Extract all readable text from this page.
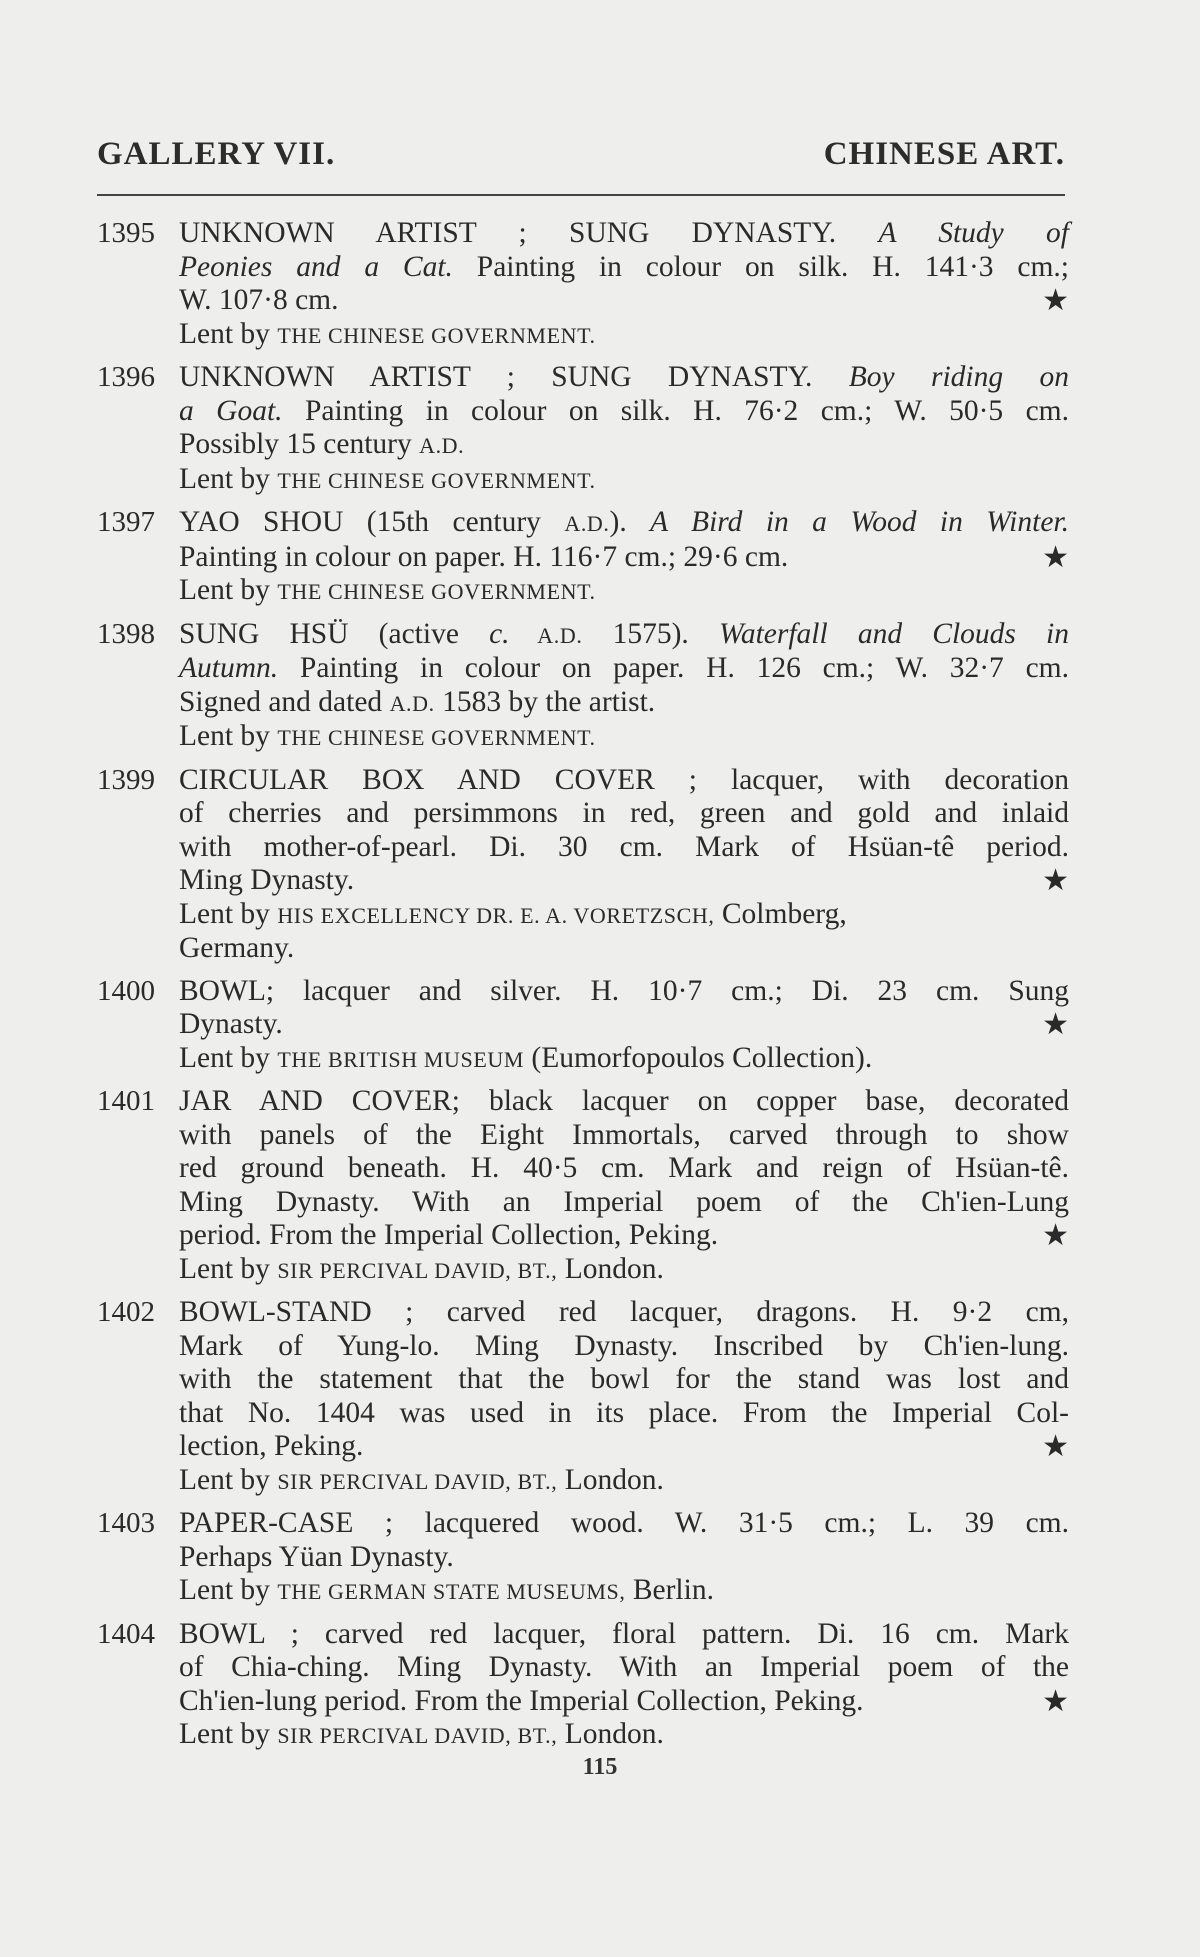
GALLERY VII.	CHINESE ART.
1395 UNKNOWN ARTIST ; SUNG DYNASTY. A Study of
Peonies and a Cat. Painting in colour on silk. H. 141·3 cm.;
W. 107·8 cm.	★
Lent by THE CHINESE GOVERNMENT.
1396 UNKNOWN ARTIST ; SUNG DYNASTY. Boy riding on
a Goat. Painting in colour on silk. H. 76·2 cm.; W. 50·5 cm.
Possibly 15 century A.D.
Lent by THE CHINESE GOVERNMENT.
1397 YAO SHOU (15th century A.D.). A Bird in a Wood in Winter.
Painting in colour on paper. H. 116·7 cm.; 29·6 cm.	★
Lent by THE CHINESE GOVERNMENT.
1398 SUNG HSÜ (active c. A.D. 1575). Waterfall and Clouds in
Autumn. Painting in colour on paper. H. 126 cm.; W. 32·7 cm.
Signed and dated A.D. 1583 by the artist.
Lent by THE CHINESE GOVERNMENT.
1399 CIRCULAR BOX AND COVER ; lacquer, with decoration
of cherries and persimmons in red, green and gold and inlaid
with mother-of-pearl. Di. 30 cm. Mark of Hsüan-tê period.
Ming Dynasty.	★
Lent by HIS EXCELLENCY DR. E. A. VORETZSCH, Colmberg,
Germany.
1400 BOWL; lacquer and silver. H. 10·7 cm.; Di. 23 cm. Sung
Dynasty.	★
Lent by THE BRITISH MUSEUM (Eumorfopoulos Collection).
1401 JAR AND COVER; black lacquer on copper base, decorated
with panels of the Eight Immortals, carved through to show
red ground beneath. H. 40·5 cm. Mark and reign of Hsüan-tê.
Ming Dynasty. With an Imperial poem of the Ch'ien-Lung
period. From the Imperial Collection, Peking.	★
Lent by SIR PERCIVAL DAVID, BT., London.
1402 BOWL-STAND ; carved red lacquer, dragons. H. 9·2 cm,
Mark of Yung-lo. Ming Dynasty. Inscribed by Ch'ien-lung.
with the statement that the bowl for the stand was lost and
that No. 1404 was used in its place. From the Imperial Col-
lection, Peking.	★
Lent by SIR PERCIVAL DAVID, BT., London.
1403 PAPER-CASE ; lacquered wood. W. 31·5 cm.; L. 39 cm.
Perhaps Yüan Dynasty.
Lent by THE GERMAN STATE MUSEUMS, Berlin.
1404 BOWL ; carved red lacquer, floral pattern. Di. 16 cm. Mark
of Chia-ching. Ming Dynasty. With an Imperial poem of the
Ch'ien-lung period. From the Imperial Collection, Peking.	★
Lent by SIR PERCIVAL DAVID, BT., London.
115
